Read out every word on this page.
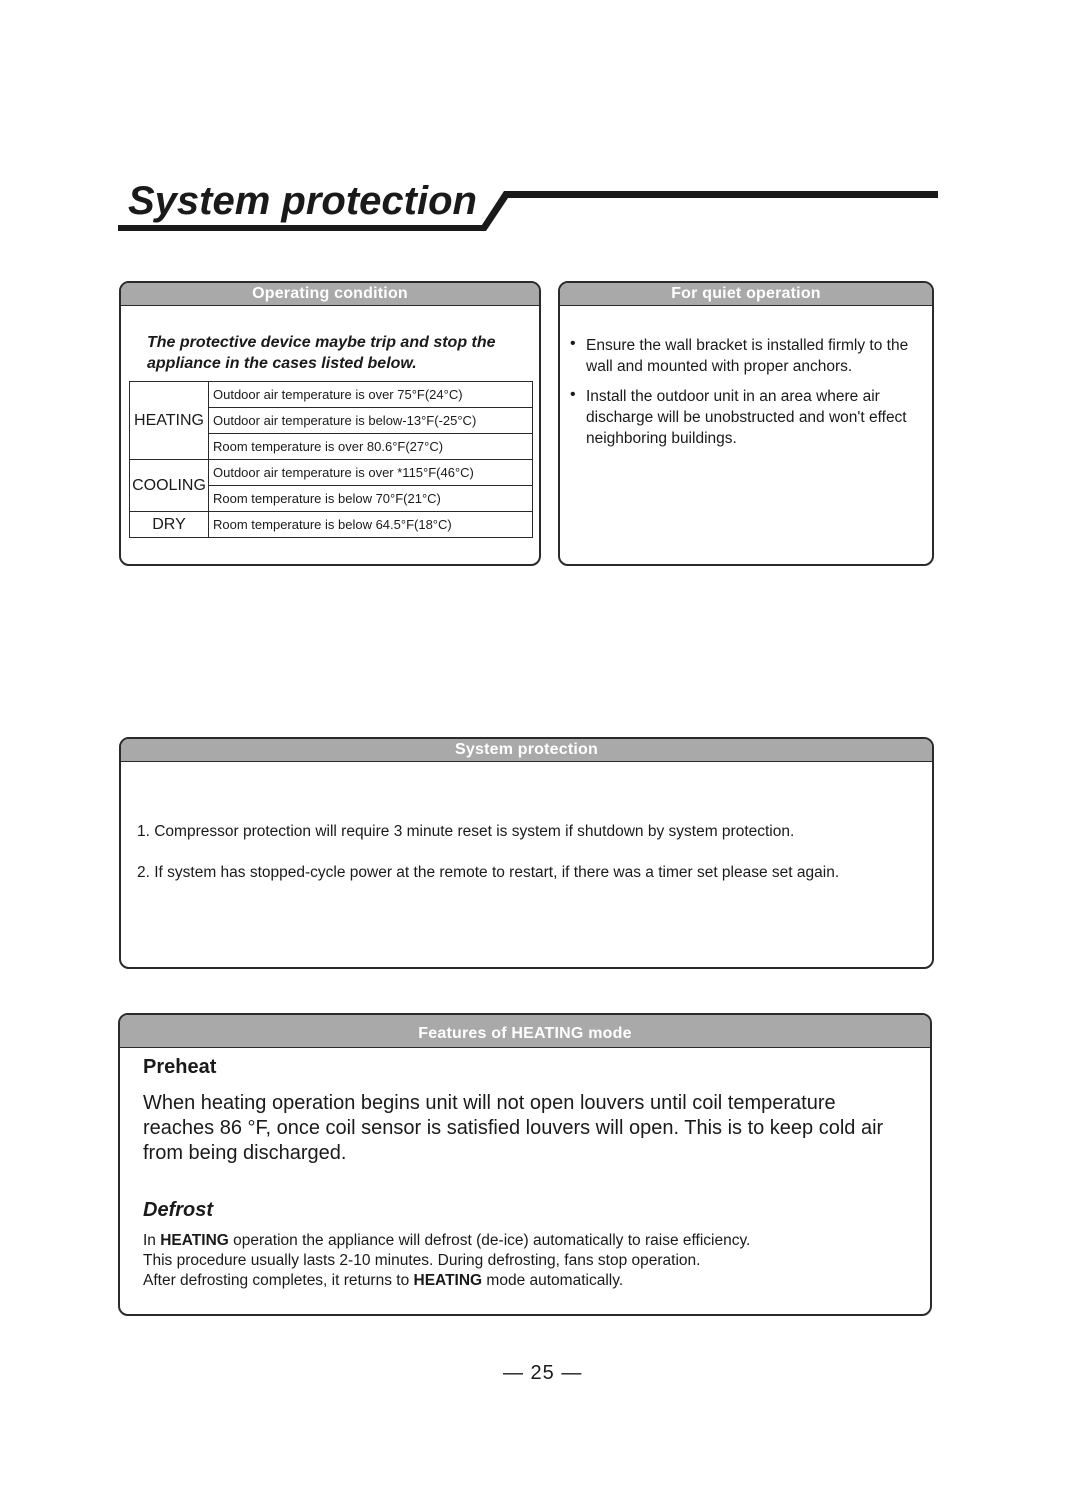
System protection
Operating condition
The protective device maybe trip and stop the appliance in the cases listed below.
HEATING	Outdoor air temperature is over 75°F(24°C)
	Outdoor air temperature is below-13°F(-25°C)
	Room temperature is over 80.6°F(27°C)
COOLING	Outdoor air temperature is over *115°F(46°C)
	Room temperature is below 70°F(21°C)
DRY	Room temperature is below 64.5°F(18°C)
For quiet operation
• Ensure the wall bracket is installed firmly to the wall and mounted with proper anchors.
• Install the outdoor unit in an area where air discharge will be unobstructed and won't effect neighboring buildings.
System protection

1. Compressor protection will require 3 minute reset is system if shutdown by system protection.

2. If system has stopped-cycle power at the remote to restart, if there was a timer set please set again.

Features of HEATING mode
Preheat
When heating operation begins unit will not open louvers until coil temperature reaches 86 °F, once coil sensor is satisfied louvers will open. This is to keep cold air from being discharged.
Defrost
In HEATING operation the appliance will defrost (de-ice) automatically to raise efficiency.
This procedure usually lasts 2-10 minutes. During defrosting, fans stop operation.
After defrosting completes, it returns to HEATING mode automatically.
— 25 —
